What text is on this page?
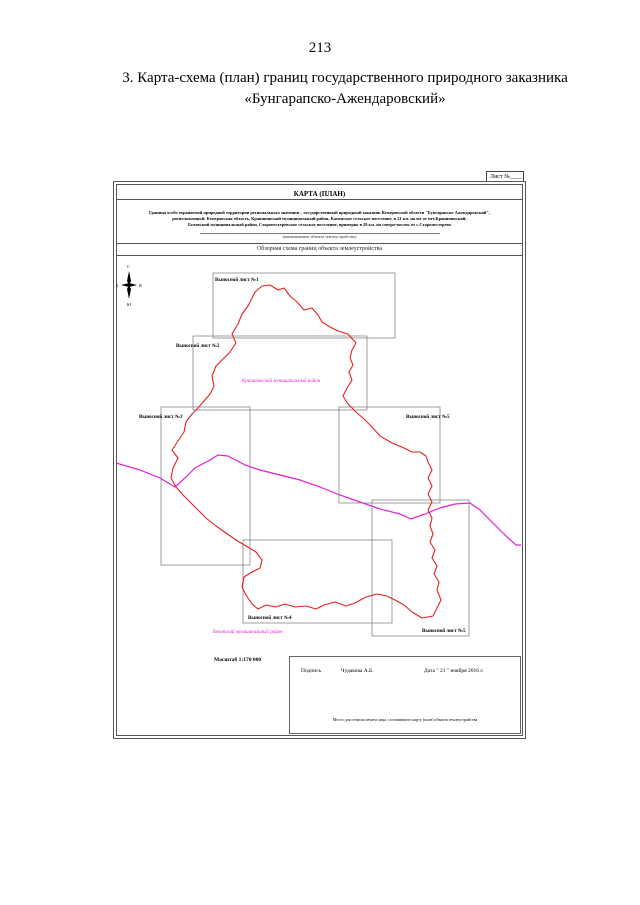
213
3. Карта-схема (план) границ государственного природного заказника
«Бунгарапско-Ажендаровский»
Лист №____
КАРТА (ПЛАН)
Граница особо охраняемой природной территории регионального значения – государственный природный заказник Кемеровской области "Бунгарапско-Ажендаровский",
расположенный: Кемеровская область, Крапивинский муниципальный район, Каменское сельское поселение, в 21 км. на юг от пгт.Крапивинский;
Беловский муниципальный район, Старопестеревское сельское поселение, примерно в 29 км. на северо-восток от с.Старопестерево
(наименование объекта землеустройства)
Обзорная схема границ объекта землеустройства
С
Ю
З	В
Выносной лист №1
Выносной лист №2
Выносной лист №3
Выносной лист №4
Выносной лист №5
Выносной лист №5
Крапивинский муниципальный район
Беловский муниципальный район
Масштаб 1:170 000
Подпись	Чудакова А.Б.	Дата " 21 " ноября 2016 г.
Место для оттиска печати лица, составившего карту (план) объекта землеустройства
